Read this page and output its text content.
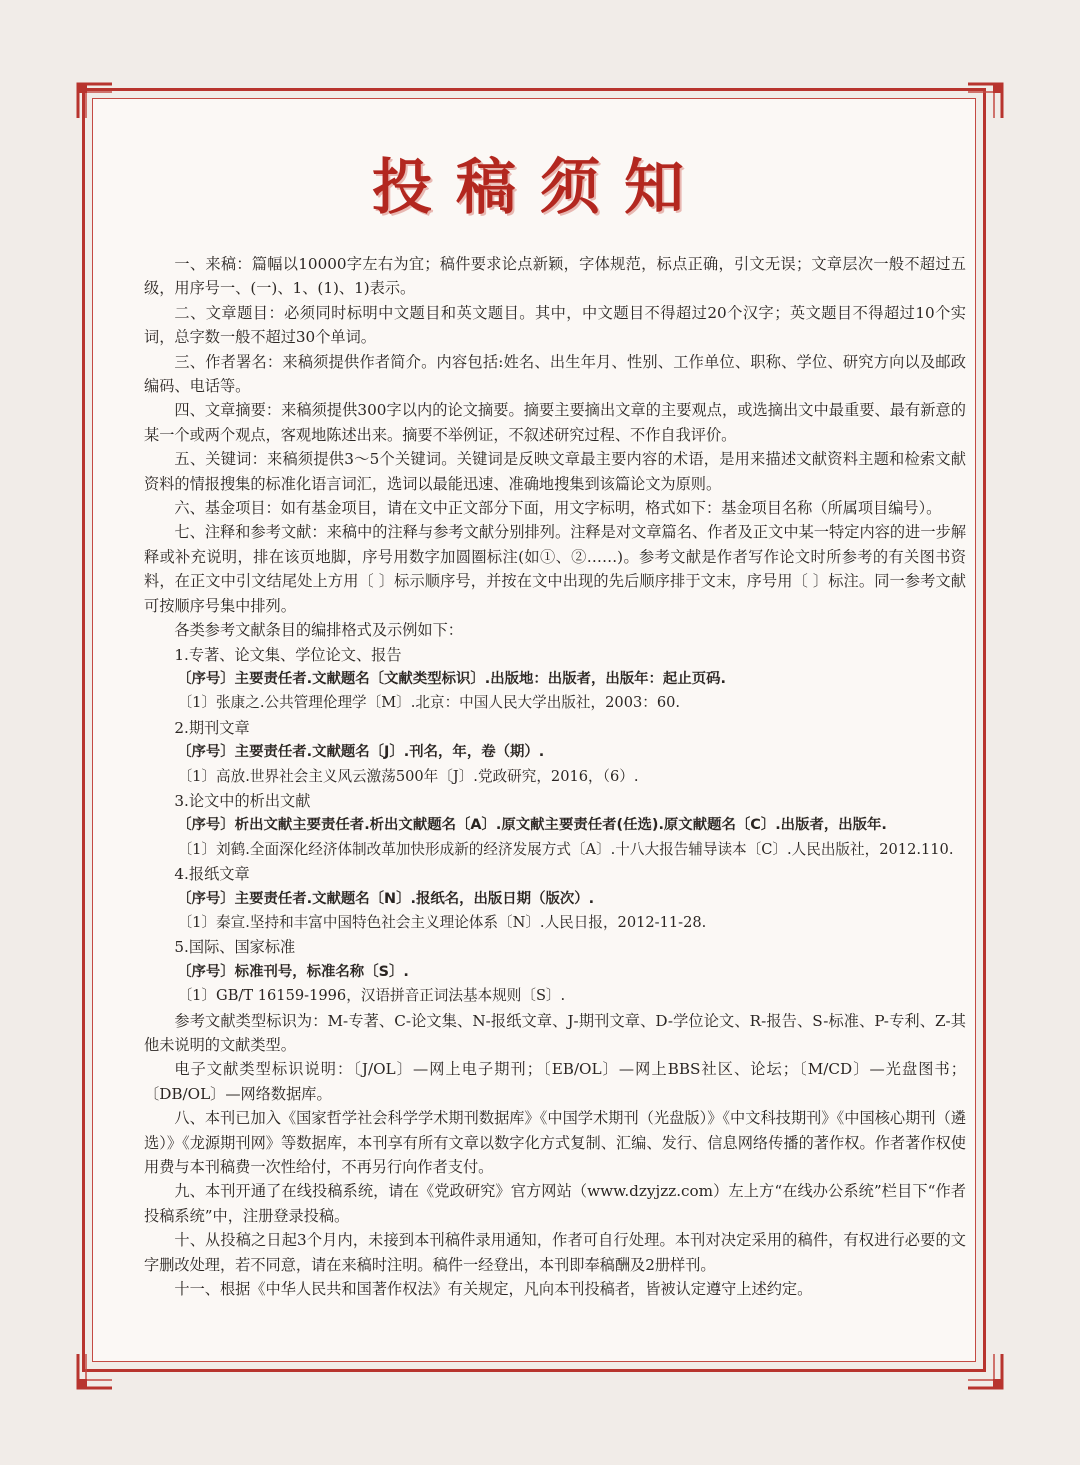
投稿须知

一、来稿：篇幅以10000字左右为宜；稿件要求论点新颖，字体规范，标点正确，引文无误；文章层次一般不超过五级，用序号一、(一)、1、(1)、1)表示。

二、文章题目：必须同时标明中文题目和英文题目。其中，中文题目不得超过20个汉字；英文题目不得超过10个实词，总字数一般不超过30个单词。

三、作者署名：来稿须提供作者简介。内容包括:姓名、出生年月、性别、工作单位、职称、学位、研究方向以及邮政编码、电话等。

四、文章摘要：来稿须提供300字以内的论文摘要。摘要主要摘出文章的主要观点，或选摘出文中最重要、最有新意的某一个或两个观点，客观地陈述出来。摘要不举例证，不叙述研究过程、不作自我评价。

五、关键词：来稿须提供3～5个关键词。关键词是反映文章最主要内容的术语，是用来描述文献资料主题和检索文献资料的情报搜集的标准化语言词汇，选词以最能迅速、准确地搜集到该篇论文为原则。

六、基金项目：如有基金项目，请在文中正文部分下面，用文字标明，格式如下：基金项目名称（所属项目编号）。

七、注释和参考文献：来稿中的注释与参考文献分别排列。注释是对文章篇名、作者及正文中某一特定内容的进一步解释或补充说明，排在该页地脚，序号用数字加圆圈标注(如①、②……)。参考文献是作者写作论文时所参考的有关图书资料，在正文中引文结尾处上方用〔 〕标示顺序号，并按在文中出现的先后顺序排于文末，序号用〔 〕标注。同一参考文献可按顺序号集中排列。

各类参考文献条目的编排格式及示例如下：

1.专著、论文集、学位论文、报告

〔序号〕主要责任者.文献题名〔文献类型标识〕.出版地：出版者，出版年：起止页码.

〔1〕张康之.公共管理伦理学〔M〕.北京：中国人民大学出版社，2003：60.

2.期刊文章

〔序号〕主要责任者.文献题名〔J〕.刊名，年，卷（期）.

〔1〕高放.世界社会主义风云激荡500年〔J〕.党政研究，2016，（6）.

3.论文中的析出文献

〔序号〕析出文献主要责任者.析出文献题名〔A〕.原文献主要责任者(任选).原文献题名〔C〕.出版者，出版年.

〔1〕刘鹤.全面深化经济体制改革加快形成新的经济发展方式〔A〕.十八大报告辅导读本〔C〕.人民出版社，2012.110.

4.报纸文章

〔序号〕主要责任者.文献题名〔N〕.报纸名，出版日期（版次）.

〔1〕秦宣.坚持和丰富中国特色社会主义理论体系〔N〕.人民日报，2012-11-28.

5.国际、国家标准

〔序号〕标准刊号，标准名称〔S〕.

〔1〕GB/T 16159-1996，汉语拼音正词法基本规则〔S〕.

参考文献类型标识为：M-专著、C-论文集、N-报纸文章、J-期刊文章、D-学位论文、R-报告、S-标准、P-专利、Z-其他未说明的文献类型。

电子文献类型标识说明：〔J/OL〕—网上电子期刊；〔EB/OL〕—网上BBS社区、论坛；〔M/CD〕—光盘图书；〔DB/OL〕—网络数据库。

八、本刊已加入《国家哲学社会科学学术期刊数据库》《中国学术期刊（光盘版）》《中文科技期刊》《中国核心期刊（遴选）》《龙源期刊网》等数据库，本刊享有所有文章以数字化方式复制、汇编、发行、信息网络传播的著作权。作者著作权使用费与本刊稿费一次性给付，不再另行向作者支付。

九、本刊开通了在线投稿系统，请在《党政研究》官方网站（www.dzyjzz.com）左上方“在线办公系统”栏目下“作者投稿系统”中，注册登录投稿。

十、从投稿之日起3个月内，未接到本刊稿件录用通知，作者可自行处理。本刊对决定采用的稿件，有权进行必要的文字删改处理，若不同意，请在来稿时注明。稿件一经登出，本刊即奉稿酬及2册样刊。

十一、根据《中华人民共和国著作权法》有关规定，凡向本刊投稿者，皆被认定遵守上述约定。
